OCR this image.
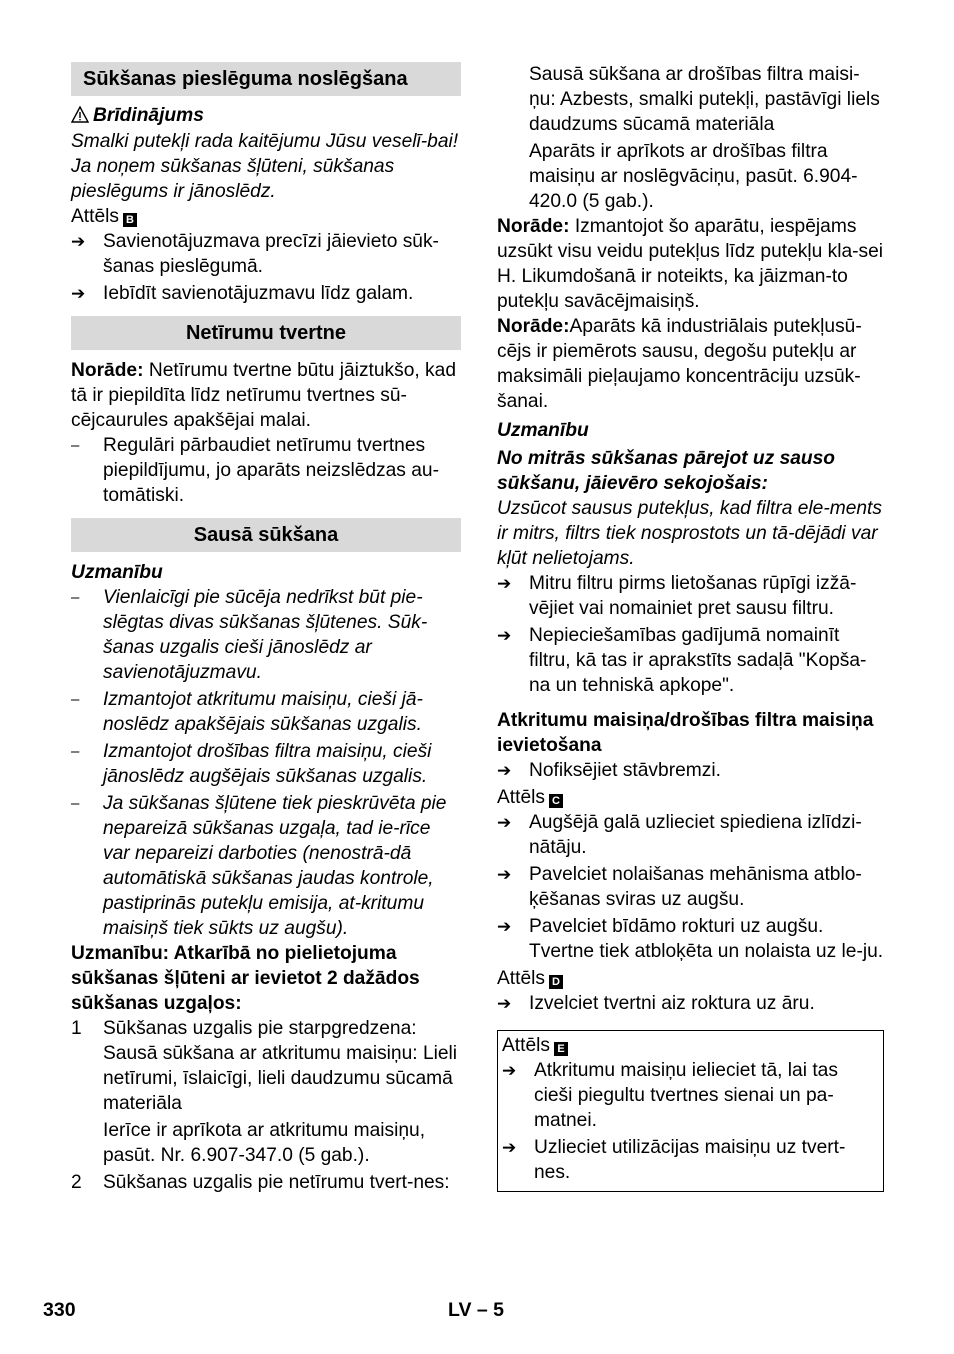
Sūkšanas pieslēguma noslēgšana

Brīdinājums

Smalki putekļi rada kaitējumu Jūsu veselī-bai! Ja noņem sūkšanas šļūteni, sūkšanas pieslēgums ir jānoslēdz.

Attēls B

➔
Savienotājuzmava precīzi jāievieto sūk-šanas pieslēgumā.
➔
Iebīdīt savienotājuzmavu līdz galam.
Netīrumu tvertne

Norāde: Netīrumu tvertne būtu jāiztukšo, kad tā ir piepildīta līdz netīrumu tvertnes sū-cējcaurules apakšējai malai.

–	Regulāri pārbaudiet netīrumu tvertnes piepildījumu, jo aparāts neizslēdzas au-tomātiski.
Sausā sūkšana

Uzmanību

–	Vienlaicīgi pie sūcēja nedrīkst būt pie-slēgtas divas sūkšanas šļūtenes. Sūk-šanas uzgalis cieši jānoslēdz ar savienotājuzmavu.
–	Izmantojot atkritumu maisiņu, cieši jā-noslēdz apakšējais sūkšanas uzgalis.
–	Izmantojot drošības filtra maisiņu, cieši jānoslēdz augšējais sūkšanas uzgalis.
–	Ja sūkšanas šļūtene tiek pieskrūvēta pie nepareizā sūkšanas uzgaļa, tad ie-rīce var nepareizi darboties (nenostrā-dā automātiskā sūkšanas jaudas kontrole, pastiprinās putekļu emisija, at-kritumu maisiņš tiek sūkts uz augšu).

Uzmanību: Atkarībā no pielietojuma sūkšanas šļūteni ar ievietot 2 dažādos sūkšanas uzgaļos:

1	Sūkšanas uzgalis pie starpgredzena:
Sausā sūkšana ar atkritumu maisiņu: Lieli netīrumi, īslaicīgi, lieli daudzumu sūcamā materiāla
Ierīce ir aprīkota ar atkritumu maisiņu, pasūt. Nr. 6.907-347.0 (5 gab.).
2	Sūkšanas uzgalis pie netīrumu tvert-nes:
Sausā sūkšana ar drošības filtra maisi-ņu: Azbests, smalki putekļi, pastāvīgi liels daudzums sūcamā materiāla
Aparāts ir aprīkots ar drošības filtra maisiņu ar noslēgvāciņu, pasūt. 6.904-420.0 (5 gab.).

Norāde: Izmantojot šo aparātu, iespējams uzsūkt visu veidu putekļus līdz putekļu kla-sei H. Likumdošanā ir noteikts, ka jāizman-to putekļu savācējmaisiņš.

Norāde:Aparāts kā industriālais putekļusū-cējs ir piemērots sausu, degošu putekļu ar maksimāli pieļaujamo koncentrāciju uzsūk-šanai.

Uzmanību

No mitrās sūkšanas pārejot uz sauso sūkšanu, jāievēro sekojošais:

Uzsūcot sausus putekļus, kad filtra ele-ments ir mitrs, filtrs tiek nosprostots un tā-dējādi var kļūt nelietojams.

➔
Mitru filtru pirms lietošanas rūpīgi izžā-vējiet vai nomainiet pret sausu filtru.
➔
Nepieciešamības gadījumā nomainīt filtru, kā tas ir aprakstīts sadaļā "Kopša-na un tehniskā apkope".

Atkritumu maisiņa/drošības filtra maisiņa ievietošana

➔
Nofiksējiet stāvbremzi.

Attēls C

➔
Augšējā galā uzlieciet spiediena izlīdzi-nātāju.
➔
Pavelciet nolaišanas mehānisma atblo-ķēšanas sviras uz augšu.
➔
Pavelciet bīdāmo rokturi uz augšu. Tvertne tiek atbloķēta un nolaista uz le-ju.

Attēls D

➔
Izvelciet tvertni aiz roktura uz āru.

Attēls E

➔
Atkritumu maisiņu ielieciet tā, lai tas cieši piegultu tvertnes sienai un pa-matnei.
➔
Uzlieciet utilizācijas maisiņu uz tvert-nes.
330	LV – 5
